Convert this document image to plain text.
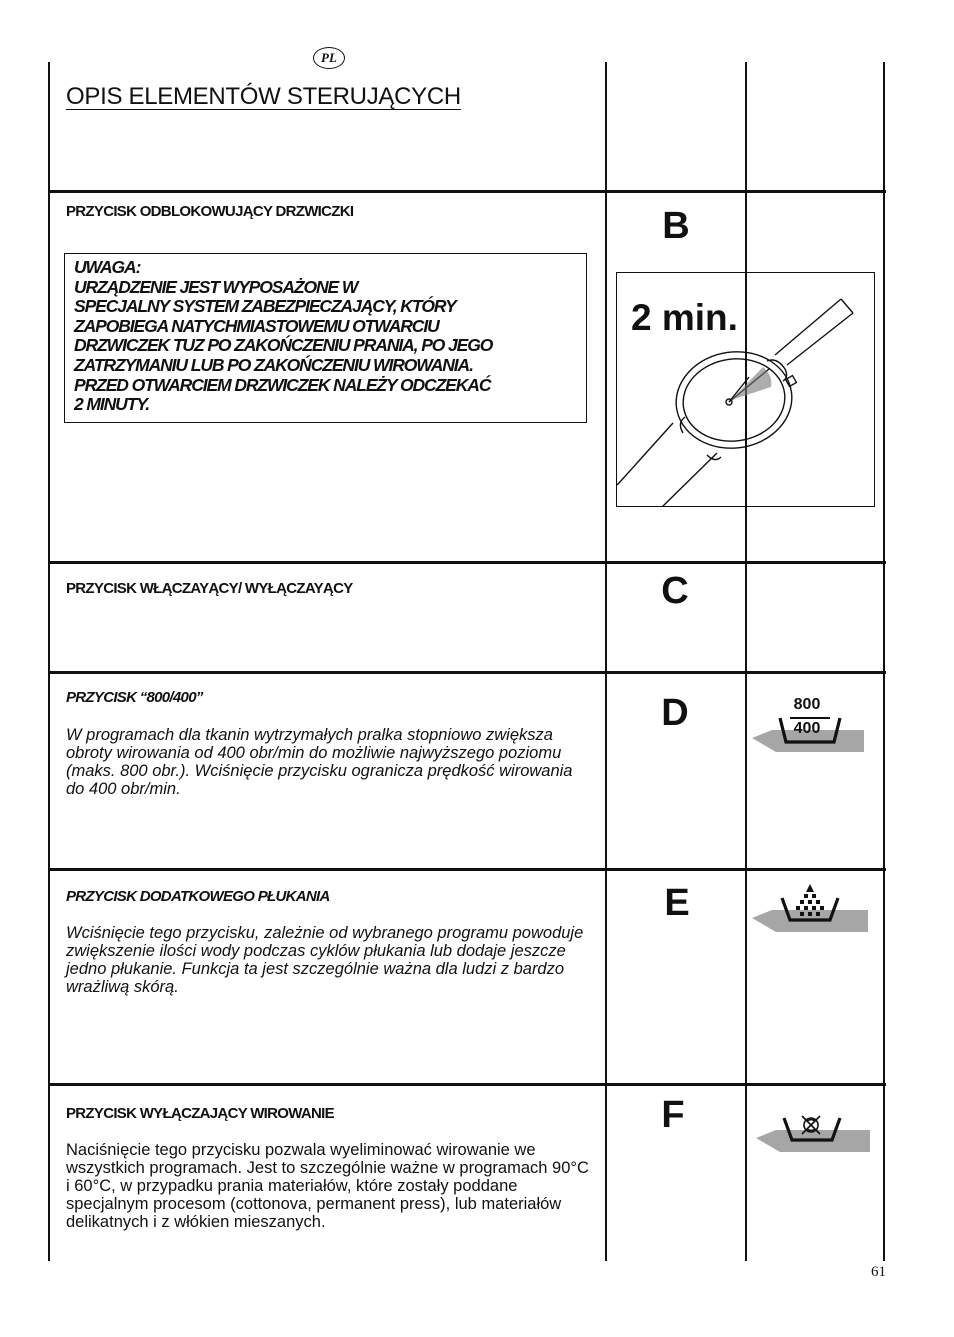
PL
OPIS ELEMENTÓW STERUJĄCYCH
PRZYCISK ODBLOKOWUJĄCY DRZWICZKI
UWAGA:
URZĄDZENIE JEST WYPOSAŻONE W
SPECJALNY SYSTEM ZABEZPIECZAJĄCY, KTÓRY
ZAPOBIEGA NATYCHMIASTOWEMU OTWARCIU
DRZWICZEK TUZ PO ZAKOŃCZENIU PRANIA, PO JEGO
ZATRZYMANIU LUB PO ZAKOŃCZENIU WIROWANIA.
PRZED OTWARCIEM DRZWICZEK NALEŻY ODCZEKAĆ
2 MINUTY.
B
2 min.
PRZYCISK WŁĄCZAYĄCY/ WYŁĄCZAYĄCY	C
PRZYCISK “800/400”
W programach dla tkanin wytrzymałych pralka stopniowo zwiększa obroty wirowania od 400 obr/min do możliwie najwyższego poziomu (maks. 800 obr.). Wciśnięcie przycisku ogranicza prędkość wirowania do 400 obr/min.
D	800
400
PRZYCISK DODATKOWEGO PŁUKANIA
Wciśnięcie tego przycisku, zależnie od wybranego programu powoduje zwiększenie ilości wody podczas cyklów płukania lub dodaje jeszcze jedno płukanie. Funkcja ta jest szczególnie ważna dla ludzi z bardzo wrażliwą skórą.
E
PRZYCISK WYŁĄCZAJĄCY WIROWANIE
Naciśnięcie tego przycisku pozwala wyeliminować wirowanie we wszystkich programach. Jest to szczególnie ważne w programach 90°C i 60°C, w przypadku prania materiałów, które zostały poddane specjalnym procesom (cottonova, permanent press), lub materiałów delikatnych i z włókien mieszanych.
F
61
